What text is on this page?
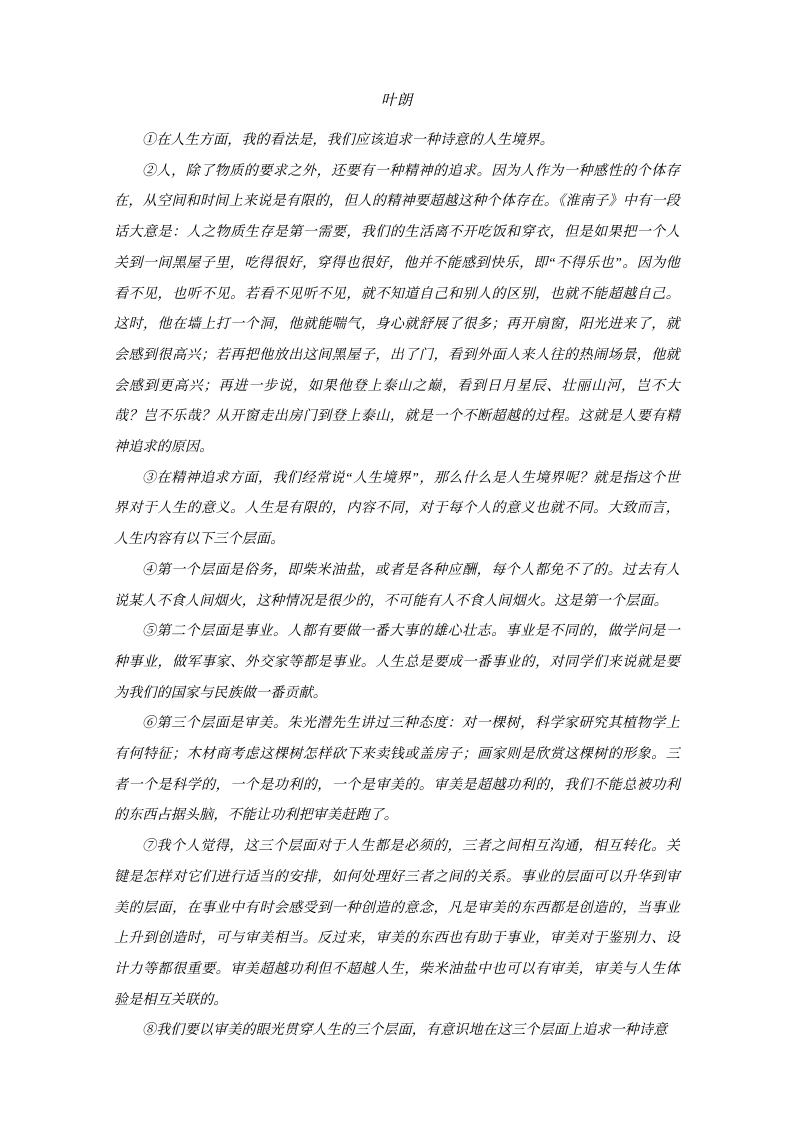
叶朗

①在人生方面，我的看法是，我们应该追求一种诗意的人生境界。

②人，除了物质的要求之外，还要有一种精神的追求。因为人作为一种感性的个体存在，从空间和时间上来说是有限的，但人的精神要超越这种个体存在。《淮南子》中有一段话大意是：人之物质生存是第一需要，我们的生活离不开吃饭和穿衣，但是如果把一个人关到一间黑屋子里，吃得很好，穿得也很好，他并不能感到快乐，即“不得乐也”。因为他看不见，也听不见。若看不见听不见，就不知道自己和别人的区别，也就不能超越自己。这时，他在墙上打一个洞，他就能喘气，身心就舒展了很多；再开扇窗，阳光进来了，就会感到很高兴；若再把他放出这间黑屋子，出了门，看到外面人来人往的热闹场景，他就会感到更高兴；再进一步说，如果他登上泰山之巅，看到日月星辰、壮丽山河，岂不大哉？岂不乐哉？从开窗走出房门到登上泰山，就是一个不断超越的过程。这就是人要有精神追求的原因。

③在精神追求方面，我们经常说“人生境界”，那么什么是人生境界呢？就是指这个世界对于人生的意义。人生是有限的，内容不同，对于每个人的意义也就不同。大致而言，人生内容有以下三个层面。

④第一个层面是俗务，即柴米油盐，或者是各种应酬，每个人都免不了的。过去有人说某人不食人间烟火，这种情况是很少的，不可能有人不食人间烟火。这是第一个层面。

⑤第二个层面是事业。人都有要做一番大事的雄心壮志。事业是不同的，做学问是一种事业，做军事家、外交家等都是事业。人生总是要成一番事业的，对同学们来说就是要为我们的国家与民族做一番贡献。

⑥第三个层面是审美。朱光潜先生讲过三种态度：对一棵树，科学家研究其植物学上有何特征；木材商考虑这棵树怎样砍下来卖钱或盖房子；画家则是欣赏这棵树的形象。三者一个是科学的，一个是功利的，一个是审美的。审美是超越功利的，我们不能总被功利的东西占据头脑，不能让功利把审美赶跑了。

⑦我个人觉得，这三个层面对于人生都是必须的，三者之间相互沟通，相互转化。关键是怎样对它们进行适当的安排，如何处理好三者之间的关系。事业的层面可以升华到审美的层面，在事业中有时会感受到一种创造的意念，凡是审美的东西都是创造的，当事业上升到创造时，可与审美相当。反过来，审美的东西也有助于事业，审美对于鉴别力、设计力等都很重要。审美超越功利但不超越人生，柴米油盐中也可以有审美，审美与人生体验是相互关联的。

⑧我们要以审美的眼光贯穿人生的三个层面，有意识地在这三个层面上追求一种诗意
